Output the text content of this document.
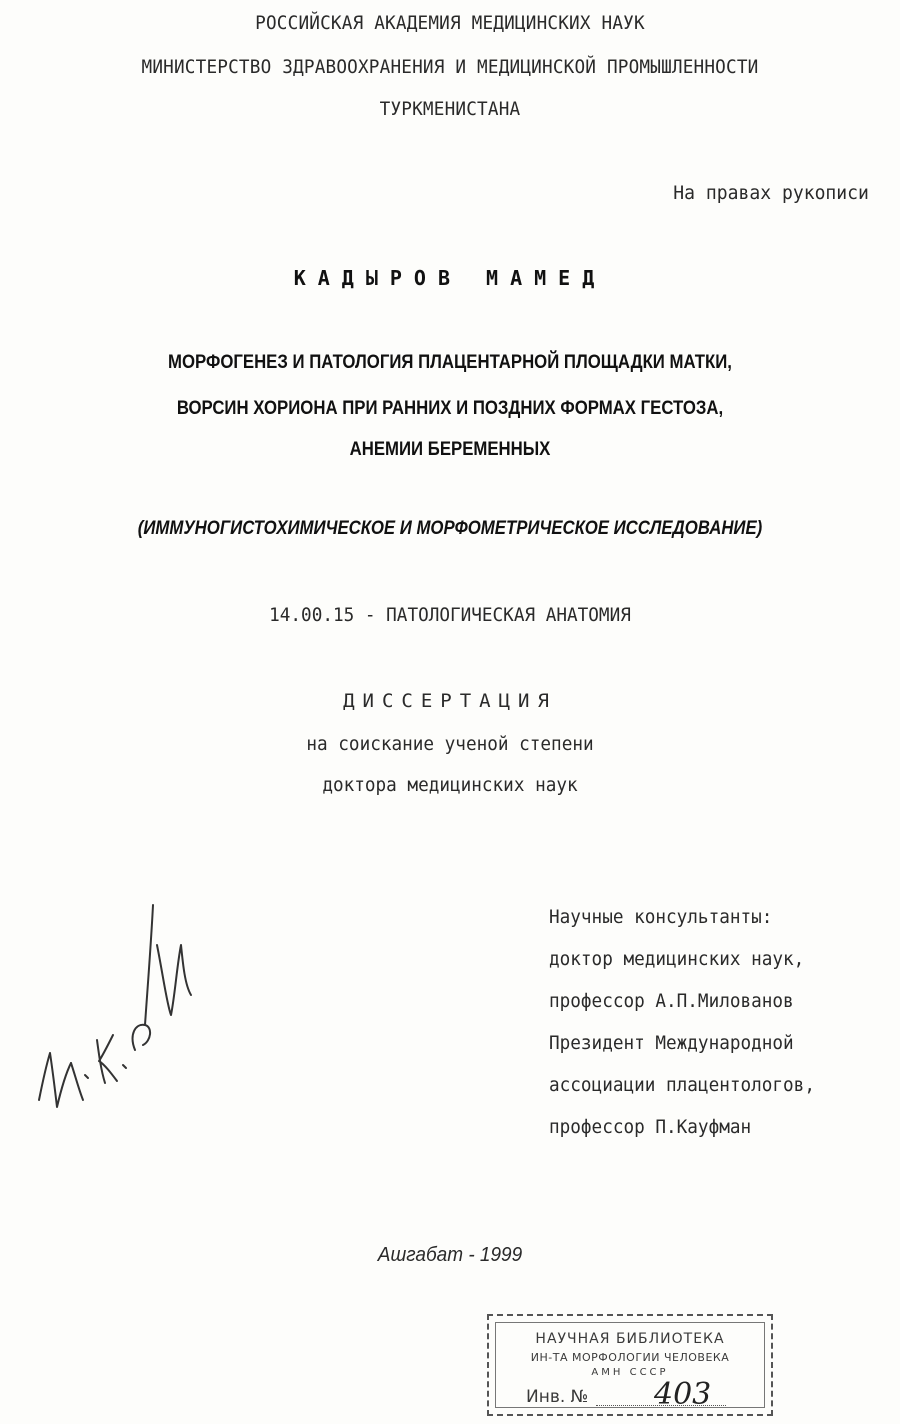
РОССИЙСКАЯ АКАДЕМИЯ МЕДИЦИНСКИХ НАУК
МИНИСТЕРСТВО ЗДРАВООХРАНЕНИЯ И МЕДИЦИНСКОЙ ПРОМЫШЛЕННОСТИ
ТУРКМЕНИСТАНА
На правах рукописи
КАДЫРОВ МАМЕД
МОРФОГЕНЕЗ И ПАТОЛОГИЯ ПЛАЦЕНТАРНОЙ ПЛОЩАДКИ МАТКИ,
ВОРСИН ХОРИОНА ПРИ РАННИХ И ПОЗДНИХ ФОРМАХ ГЕСТОЗА,
АНЕМИИ БЕРЕМЕННЫХ
(ИММУНОГИСТОХИМИЧЕСКОЕ И МОРФОМЕТРИЧЕСКОЕ ИССЛЕДОВАНИЕ)
14.00.15 - ПАТОЛОГИЧЕСКАЯ АНАТОМИЯ
ДИССЕРТАЦИЯ
на соискание ученой степени
доктора медицинских наук
Научные консультанты:
доктор медицинских наук,
профессор А.П.Милованов
Президент Международной
ассоциации плацентологов,
профессор П.Кауфман
Ашгабат - 1999
НАУЧНАЯ БИБЛИОТЕКА
ИН-ТА МОРФОЛОГИИ ЧЕЛОВЕКА
АМН СССР
Инв. № 403
